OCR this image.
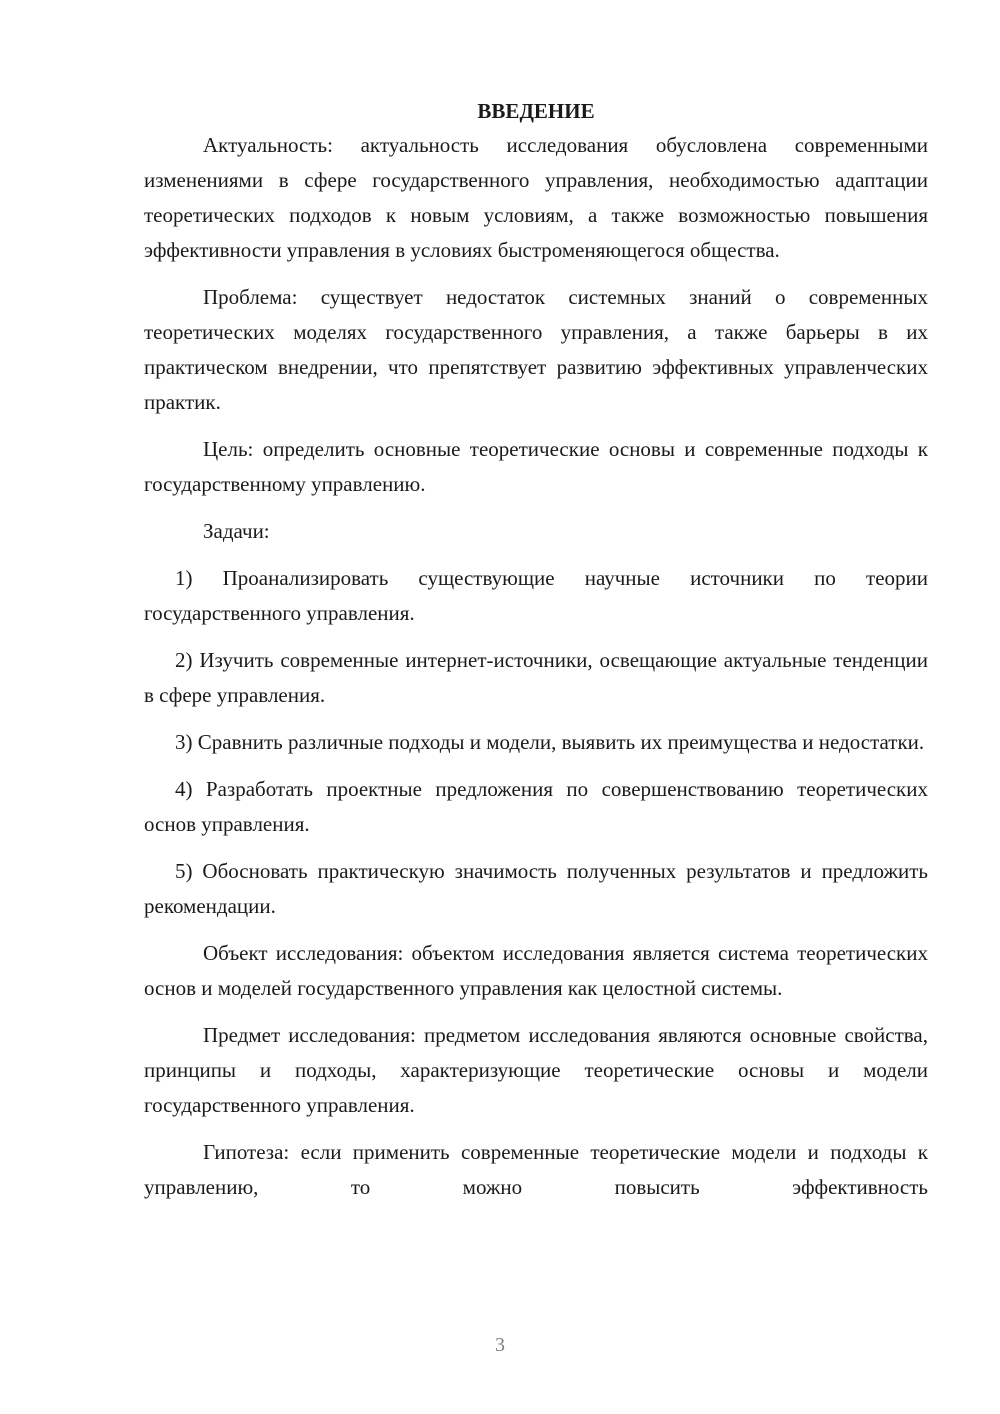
ВВЕДЕНИЕ

Актуальность: актуальность исследования обусловлена современными изменениями в сфере государственного управления, необходимостью адаптации теоретических подходов к новым условиям, а также возможностью повышения эффективности управления в условиях быстроменяющегося общества.

Проблема: существует недостаток системных знаний о современных теоретических моделях государственного управления, а также барьеры в их практическом внедрении, что препятствует развитию эффективных управленческих практик.

Цель: определить основные теоретические основы и современные подходы к государственному управлению.

Задачи:

1) Проанализировать существующие научные источники по теории государственного управления.

2) Изучить современные интернет-источники, освещающие актуальные тенденции в сфере управления.

3) Сравнить различные подходы и модели, выявить их преимущества и недостатки.

4) Разработать проектные предложения по совершенствованию теоретических основ управления.

5) Обосновать практическую значимость полученных результатов и предложить рекомендации.

Объект исследования: объектом исследования является система теоретических основ и моделей государственного управления как целостной системы.

Предмет исследования: предметом исследования являются основные свойства, принципы и подходы, характеризующие теоретические основы и модели государственного управления.

Гипотеза: если применить современные теоретические модели и подходы к управлению, то можно повысить эффективность

3
